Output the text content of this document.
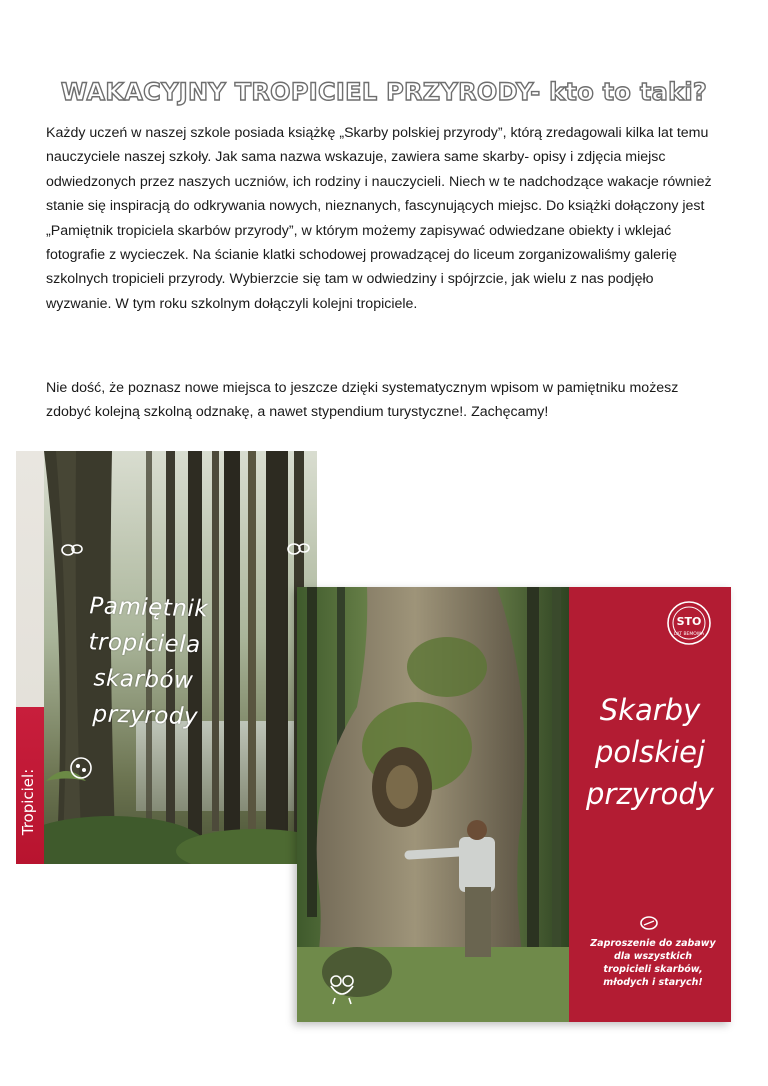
WAKACYJNY TROPICIEL PRZYRODY- kto to taki?

Każdy uczeń w naszej szkole posiada książkę „Skarby polskiej przyrody”, którą zredagowali kilka lat temu nauczyciele naszej szkoły. Jak sama nazwa wskazuje, zawiera same skarby- opisy i zdjęcia miejsc odwiedzonych przez naszych uczniów, ich rodziny i nauczycieli. Niech w te nadchodzące wakacje również stanie się inspiracją do odkrywania nowych, nieznanych, fascynujących miejsc. Do książki dołączony jest „Pamiętnik tropiciela skarbów przyrody”, w którym możemy zapisywać odwiedzane obiekty i wklejać fotografie z wycieczek. Na ścianie klatki schodowej prowadzącej do liceum zorganizowaliśmy galerię szkolnych tropicieli przyrody. Wybierzcie się tam w odwiedziny i spójrzcie, jak wielu z nas podjęło wyzwanie. W tym roku szkolnym dołączyli kolejni tropiciele.

Nie dość, że poznasz nowe miejsca to jeszcze dzięki systematycznym wpisom w pamiętniku możesz zdobyć kolejną szkolną odznakę, a nawet stypendium turystyczne!. Zachęcamy!

Tropiciel:
Pamiętnik tropiciela
skarbów przyrody
STO
LAT BEMOWA
Skarby
polskiej
przyrody
Zaproszenie do zabawy
dla wszystkich
tropicieli skarbów,
młodych i starych!
